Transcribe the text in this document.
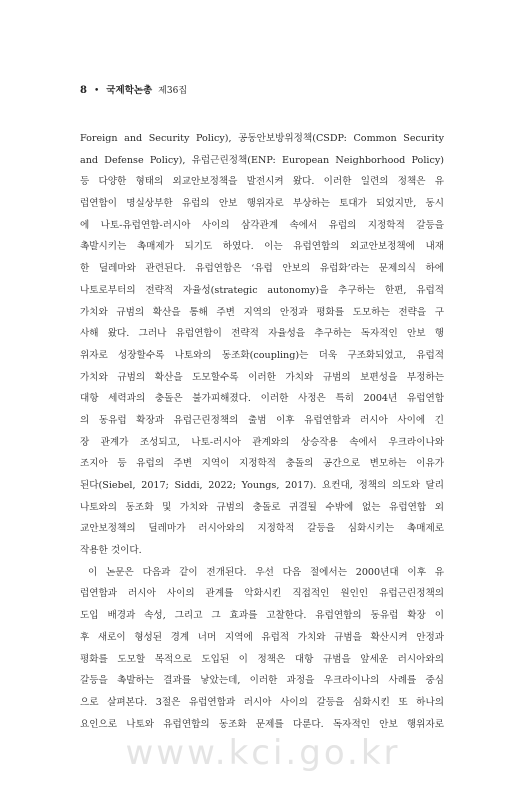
8 • 국제학논총 제36집
Foreign and Security Policy), 공동안보방위정책(CSDP: Common Security
and Defense Policy), 유럽근린정책(ENP: European Neighborhood Policy)
등 다양한 형태의 외교안보정책을 발전시켜 왔다. 이러한 일련의 정책은 유
럽연합이 명실상부한 유럽의 안보 행위자로 부상하는 토대가 되었지만, 동시
에 나토-유럽연합-러시아 사이의 삼각관계 속에서 유럽의 지정학적 갈등을
촉발시키는 촉매제가 되기도 하였다. 이는 유럽연합의 외교안보정책에 내재
한 딜레마와 관련된다. 유럽연합은 ‘유럽 안보의 유럽화’라는 문제의식 하에
나토로부터의 전략적 자율성(strategic autonomy)을 추구하는 한편, 유럽적
가치와 규범의 확산을 통해 주변 지역의 안정과 평화를 도모하는 전략을 구
사해 왔다. 그러나 유럽연합이 전략적 자율성을 추구하는 독자적인 안보 행
위자로 성장할수록 나토와의 동조화(coupling)는 더욱 구조화되었고, 유럽적
가치와 규범의 확산을 도모할수록 이러한 가치와 규범의 보편성을 부정하는
대항 세력과의 충돌은 불가피해졌다. 이러한 사정은 특히 2004년 유럽연합
의 동유럽 확장과 유럽근린정책의 출범 이후 유럽연합과 러시아 사이에 긴
장 관계가 조성되고, 나토-러시아 관계와의 상승작용 속에서 우크라이나와
조지아 등 유럽의 주변 지역이 지정학적 충돌의 공간으로 변모하는 이유가
된다(Siebel, 2017; Siddi, 2022; Youngs, 2017). 요컨대, 정책의 의도와 달리
나토와의 동조화 및 가치와 규범의 충돌로 귀결될 수밖에 없는 유럽연합 외
교안보정책의 딜레마가 러시아와의 지정학적 갈등을 심화시키는 촉매제로
작용한 것이다.
이 논문은 다음과 같이 전개된다. 우선 다음 절에서는 2000년대 이후 유
럽연합과 러시아 사이의 관계를 악화시킨 직접적인 원인인 유럽근린정책의
도입 배경과 속성, 그리고 그 효과를 고찰한다. 유럽연합의 동유럽 확장 이
후 새로이 형성된 경계 너머 지역에 유럽적 가치와 규범을 확산시켜 안정과
평화를 도모할 목적으로 도입된 이 정책은 대항 규범을 앞세운 러시아와의
갈등을 촉발하는 결과를 낳았는데, 이러한 과정을 우크라이나의 사례를 중심
으로 살펴본다. 3절은 유럽연합과 러시아 사이의 갈등을 심화시킨 또 하나의
요인으로 나토와 유럽연합의 동조화 문제를 다룬다. 독자적인 안보 행위자로
www.kci.go.kr
